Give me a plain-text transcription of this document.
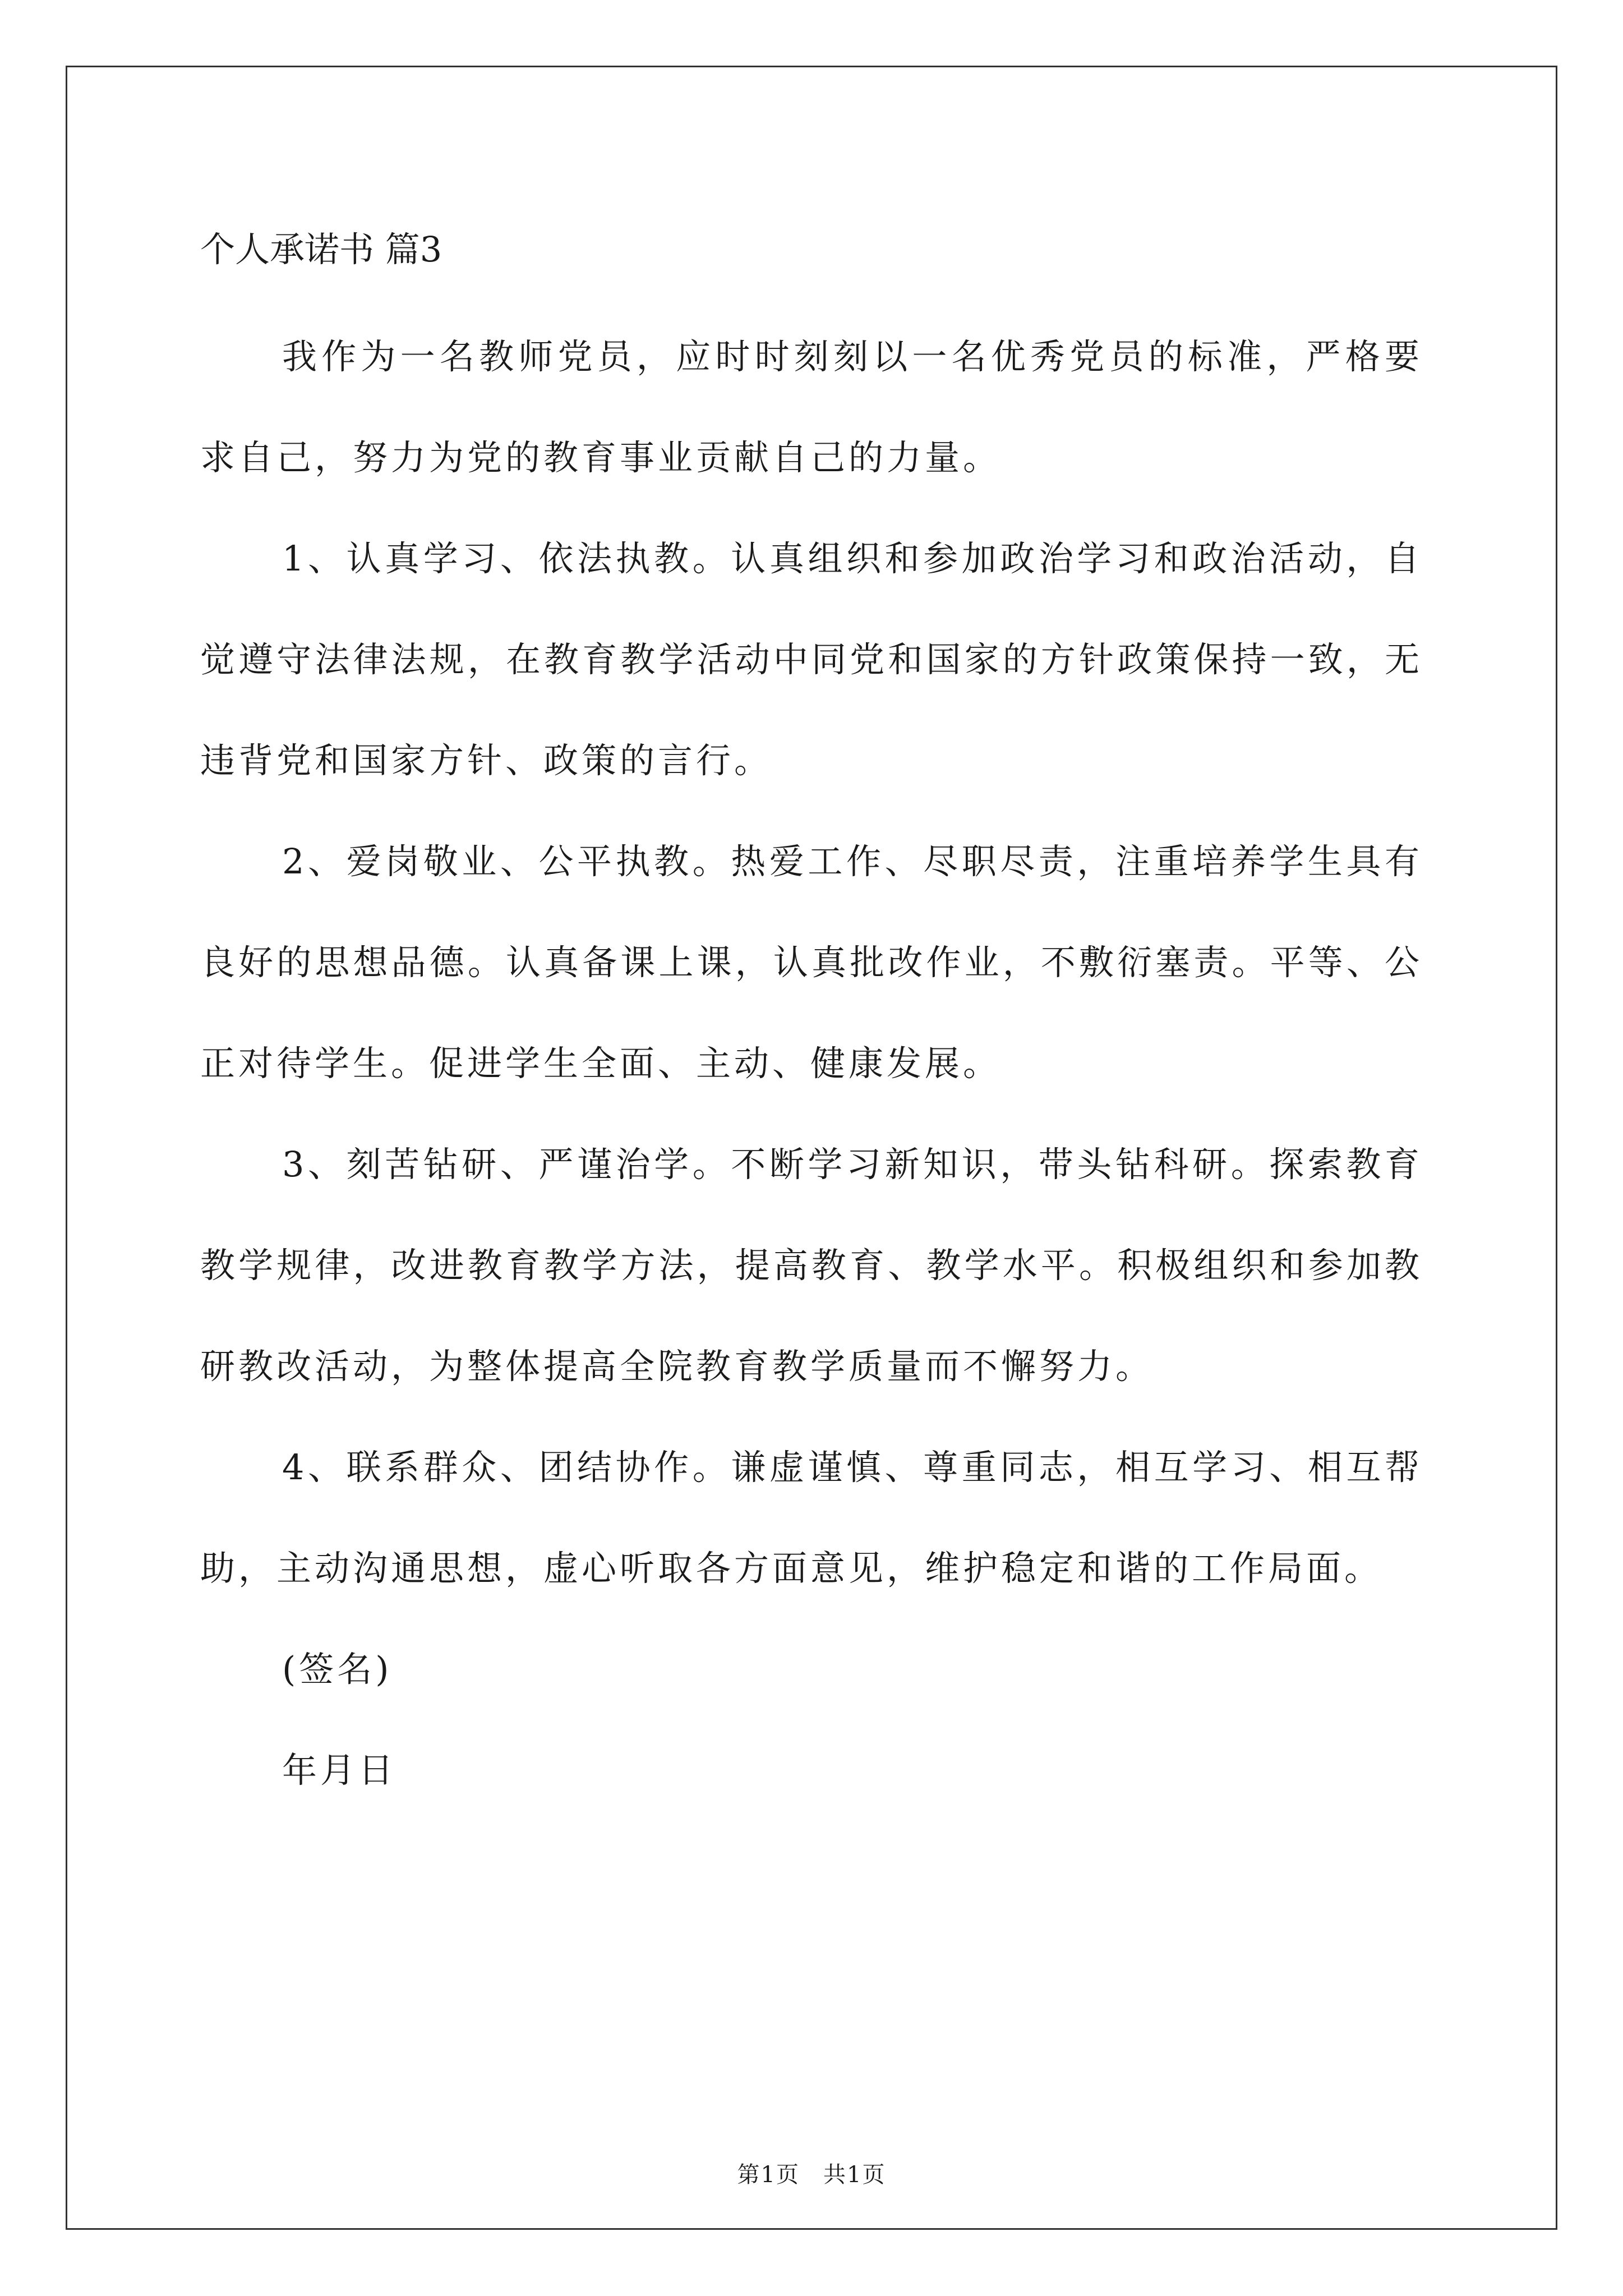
个人承诺书 篇3

我作为一名教师党员，应时时刻刻以一名优秀党员的标准，严格要求自己，努力为党的教育事业贡献自己的力量。

1、认真学习、依法执教。认真组织和参加政治学习和政治活动，自觉遵守法律法规，在教育教学活动中同党和国家的方针政策保持一致，无违背党和国家方针、政策的言行。

2、爱岗敬业、公平执教。热爱工作、尽职尽责，注重培养学生具有良好的思想品德。认真备课上课，认真批改作业，不敷衍塞责。平等、公正对待学生。促进学生全面、主动、健康发展。

3、刻苦钻研、严谨治学。不断学习新知识，带头钻科研。探索教育教学规律，改进教育教学方法，提高教育、教学水平。积极组织和参加教研教改活动，为整体提高全院教育教学质量而不懈努力。

4、联系群众、团结协作。谦虚谨慎、尊重同志，相互学习、相互帮助，主动沟通思想，虚心听取各方面意见，维护稳定和谐的工作局面。

(签名)

年月日

第1页　共1页
